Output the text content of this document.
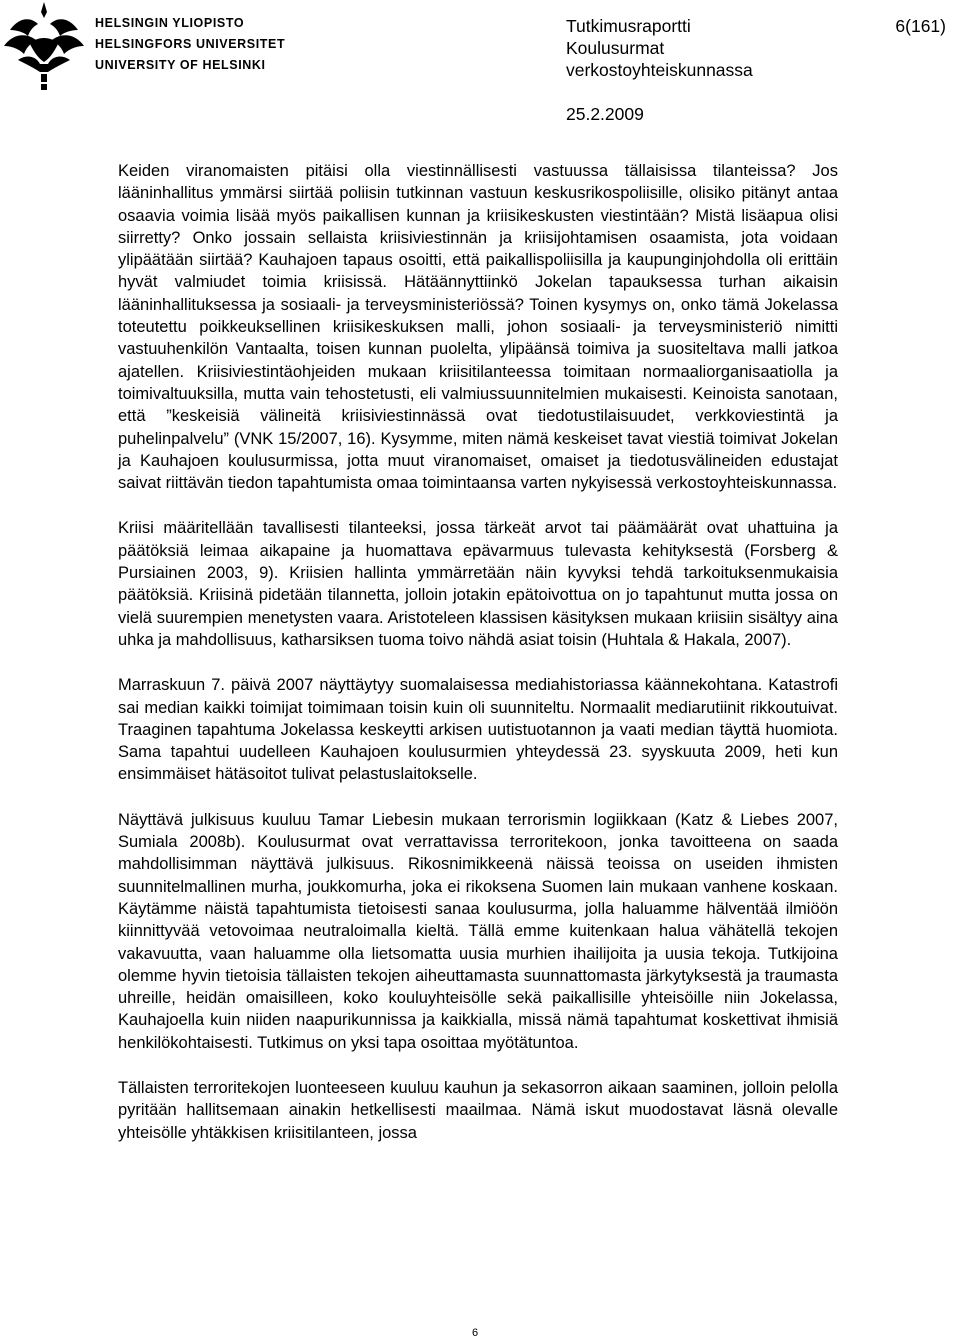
HELSINGIN YLIOPISTO
HELSINGFORS UNIVERSITET
UNIVERSITY OF HELSINKI
Tutkimusraportti
Koulusurmat
verkostoyhteiskunnassa
6(161)
25.2.2009

Keiden viranomaisten pitäisi olla viestinnällisesti vastuussa tällaisissa tilanteissa? Jos lääninhallitus ymmärsi siirtää poliisin tutkinnan vastuun keskusrikospoliisille, olisiko pitänyt antaa osaavia voimia lisää myös paikallisen kunnan ja kriisikeskusten viestintään? Mistä lisäapua olisi siirretty? Onko jossain sellaista kriisiviestinnän ja kriisijohtamisen osaamista, jota voidaan ylipäätään siirtää? Kauhajoen tapaus osoitti, että paikallispoliisilla ja kaupunginjohdolla oli erittäin hyvät valmiudet toimia kriisissä. Hätäännyttiinkö Jokelan tapauksessa turhan aikaisin lääninhallituksessa ja sosiaali- ja terveysministeriössä? Toinen kysymys on, onko tämä Jokelassa toteutettu poikkeuksellinen kriisikeskuksen malli, johon sosiaali- ja terveysministeriö nimitti vastuuhenkilön Vantaalta, toisen kunnan puolelta, ylipäänsä toimiva ja suositeltava malli jatkoa ajatellen. Kriisiviestintäohjeiden mukaan kriisitilanteessa toimitaan normaaliorganisaatiolla ja toimivaltuuksilla, mutta vain tehostetusti, eli valmiussuunnitelmien mukaisesti. Keinoista sanotaan, että ”keskeisiä välineitä kriisiviestinnässä ovat tiedotustilaisuudet, verkkoviestintä ja puhelinpalvelu” (VNK 15/2007, 16). Kysymme, miten nämä keskeiset tavat viestiä toimivat Jokelan ja Kauhajoen koulusurmissa, jotta muut viranomaiset, omaiset ja tiedotusvälineiden edustajat saivat riittävän tiedon tapahtumista omaa toimintaansa varten nykyisessä verkostoyhteiskunnassa.

Kriisi määritellään tavallisesti tilanteeksi, jossa tärkeät arvot tai päämäärät ovat uhattuina ja päätöksiä leimaa aikapaine ja huomattava epävarmuus tulevasta kehityksestä (Forsberg & Pursiainen 2003, 9). Kriisien hallinta ymmärretään näin kyvyksi tehdä tarkoituksenmukaisia päätöksiä. Kriisinä pidetään tilannetta, jolloin jotakin epätoivottua on jo tapahtunut mutta jossa on vielä suurempien menetysten vaara. Aristoteleen klassisen käsityksen mukaan kriisiin sisältyy aina uhka ja mahdollisuus, katharsiksen tuoma toivo nähdä asiat toisin (Huhtala & Hakala, 2007).

Marraskuun 7. päivä 2007 näyttäytyy suomalaisessa mediahistoriassa käännekohtana. Katastrofi sai median kaikki toimijat toimimaan toisin kuin oli suunniteltu. Normaalit mediarutiinit rikkoutuivat. Traaginen tapahtuma Jokelassa keskeytti arkisen uutistuotannon ja vaati median täyttä huomiota. Sama tapahtui uudelleen Kauhajoen koulusurmien yhteydessä 23. syyskuuta 2009, heti kun ensimmäiset hätäsoitot tulivat pelastuslaitokselle.

Näyttävä julkisuus kuuluu Tamar Liebesin mukaan terrorismin logiikkaan (Katz & Liebes 2007, Sumiala 2008b). Koulusurmat ovat verrattavissa terroritekoon, jonka tavoitteena on saada mahdollisimman näyttävä julkisuus. Rikosnimikkeenä näissä teoissa on useiden ihmisten suunnitelmallinen murha, joukkomurha, joka ei rikoksena Suomen lain mukaan vanhene koskaan. Käytämme näistä tapahtumista tietoisesti sanaa koulusurma, jolla haluamme hälventää ilmiöön kiinnittyvää vetovoimaa neutraloimalla kieltä. Tällä emme kuitenkaan halua vähätellä tekojen vakavuutta, vaan haluamme olla lietsomatta uusia murhien ihailijoita ja uusia tekoja. Tutkijoina olemme hyvin tietoisia tällaisten tekojen aiheuttamasta suunnattomasta järkytyksestä ja traumasta uhreille, heidän omaisilleen, koko kouluyhteisölle sekä paikallisille yhteisöille niin Jokelassa, Kauhajoella kuin niiden naapurikunnissa ja kaikkialla, missä nämä tapahtumat koskettivat ihmisiä henkilökohtaisesti. Tutkimus on yksi tapa osoittaa myötätuntoa.

Tällaisten terroritekojen luonteeseen kuuluu kauhun ja sekasorron aikaan saaminen, jolloin pelolla pyritään hallitsemaan ainakin hetkellisesti maailmaa. Nämä iskut muodostavat läsnä olevalle yhteisölle yhtäkkisen kriisitilanteen, jossa

6
